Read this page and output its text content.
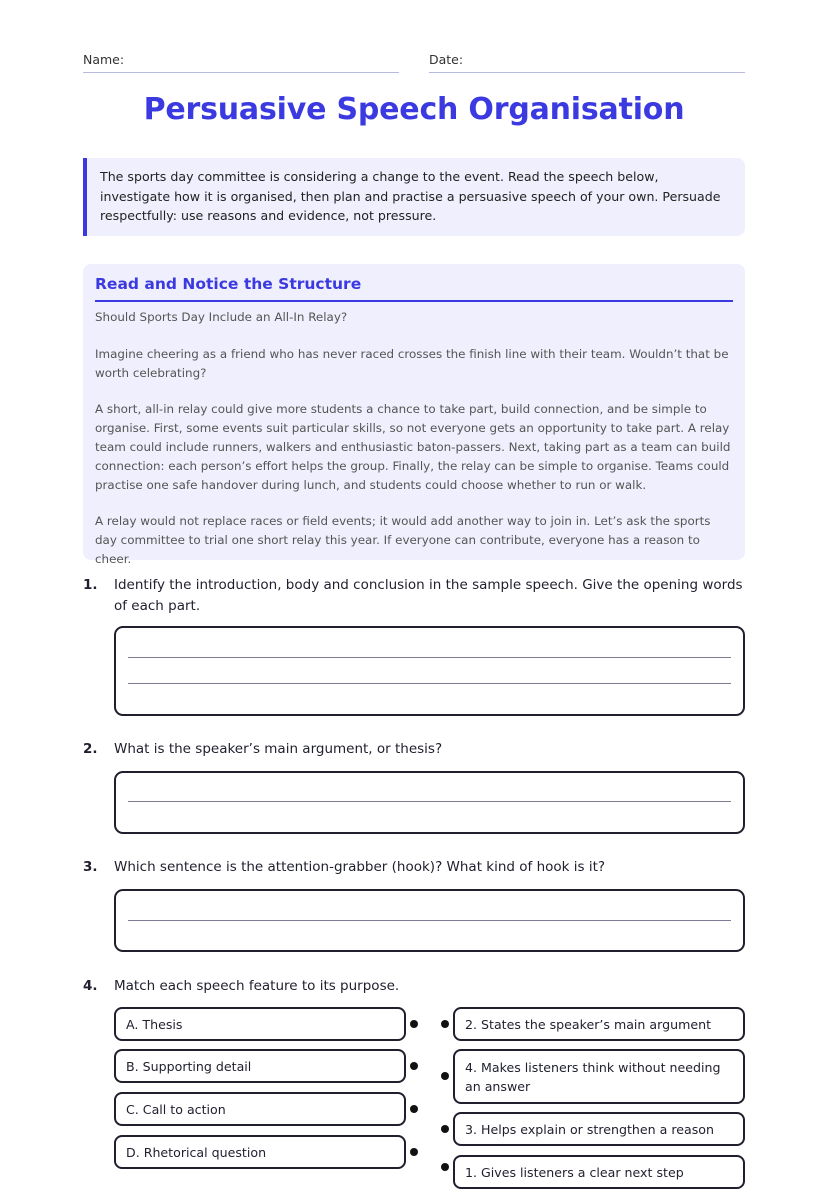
Name:	Date:
Persuasive Speech Organisation
The sports day committee is considering a change to the event. Read the speech below, investigate how it is organised, then plan and practise a persuasive speech of your own. Persuade respectfully: use reasons and evidence, not pressure.
Read and Notice the Structure

Should Sports Day Include an All-In Relay?

Imagine cheering as a friend who has never raced crosses the finish line with their team. Wouldn’t that be worth celebrating?

A short, all-in relay could give more students a chance to take part, build connection, and be simple to organise. First, some events suit particular skills, so not everyone gets an opportunity to take part. A relay team could include runners, walkers and enthusiastic baton-passers. Next, taking part as a team can build connection: each person’s effort helps the group. Finally, the relay can be simple to organise. Teams could practise one safe handover during lunch, and students could choose whether to run or walk.

A relay would not replace races or field events; it would add another way to join in. Let’s ask the sports day committee to trial one short relay this year. If everyone can contribute, everyone has a reason to cheer.

1. Identify the introduction, body and conclusion in the sample speech. Give the opening words of each part.
2. What is the speaker’s main argument, or thesis?
3. Which sentence is the attention-grabber (hook)? What kind of hook is it?
4. Match each speech feature to its purpose.
A. Thesis
B. Supporting detail
C. Call to action
D. Rhetorical question
2. States the speaker’s main argument
4. Makes listeners think without needing an answer
3. Helps explain or strengthen a reason
1. Gives listeners a clear next step
